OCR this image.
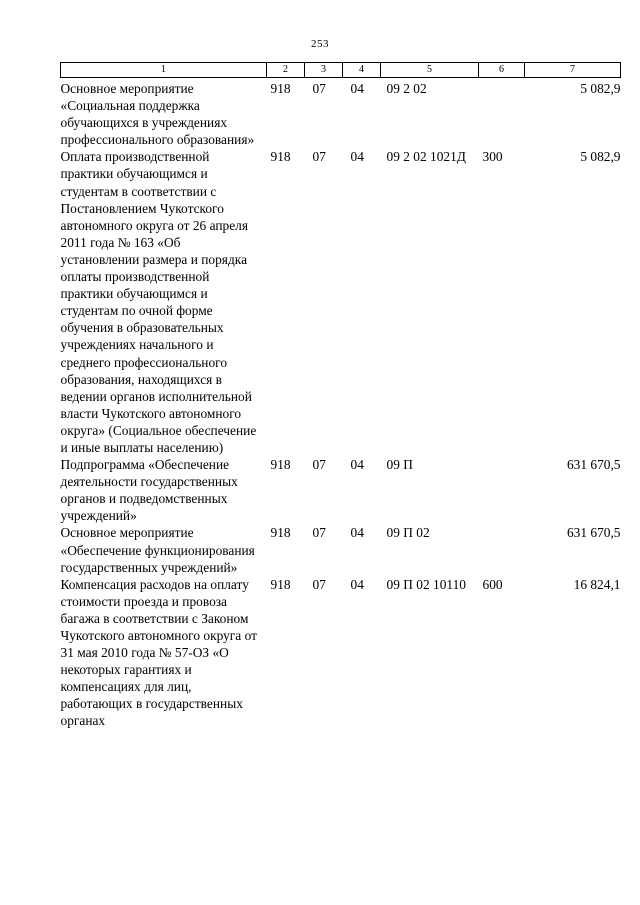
253
1	2	3	4	5	6	7
Основное мероприятие «Социальная поддержка обучающихся в учреждениях профессионального образования»	918	07	04	09 2 02		5 082,9
Оплата производственной практики обучающимся и студентам в соответствии с Постановлением Чукотского автономного округа от 26 апреля 2011 года № 163 «Об установлении размера и порядка оплаты производственной практики обучающимся и студентам по очной форме обучения в образовательных учреждениях начального и среднего профессионального образования, находящихся в ведении органов исполнительной власти Чукотского автономного округа» (Социальное обеспечение и иные выплаты населению)	918	07	04	09 2 02 1021Д	300	5 082,9
Подпрограмма «Обеспечение деятельности государственных органов и подведомственных учреждений»	918	07	04	09 П		631 670,5
Основное мероприятие «Обеспечение функционирования государственных учреждений»	918	07	04	09 П 02		631 670,5
Компенсация расходов на оплату стоимости проезда и провоза багажа в соответствии с Законом Чукотского автономного округа от 31 мая 2010 года № 57-ОЗ «О некоторых гарантиях и компенсациях для лиц, работающих в государственных органах	918	07	04	09 П 02 10110	600	16 824,1
